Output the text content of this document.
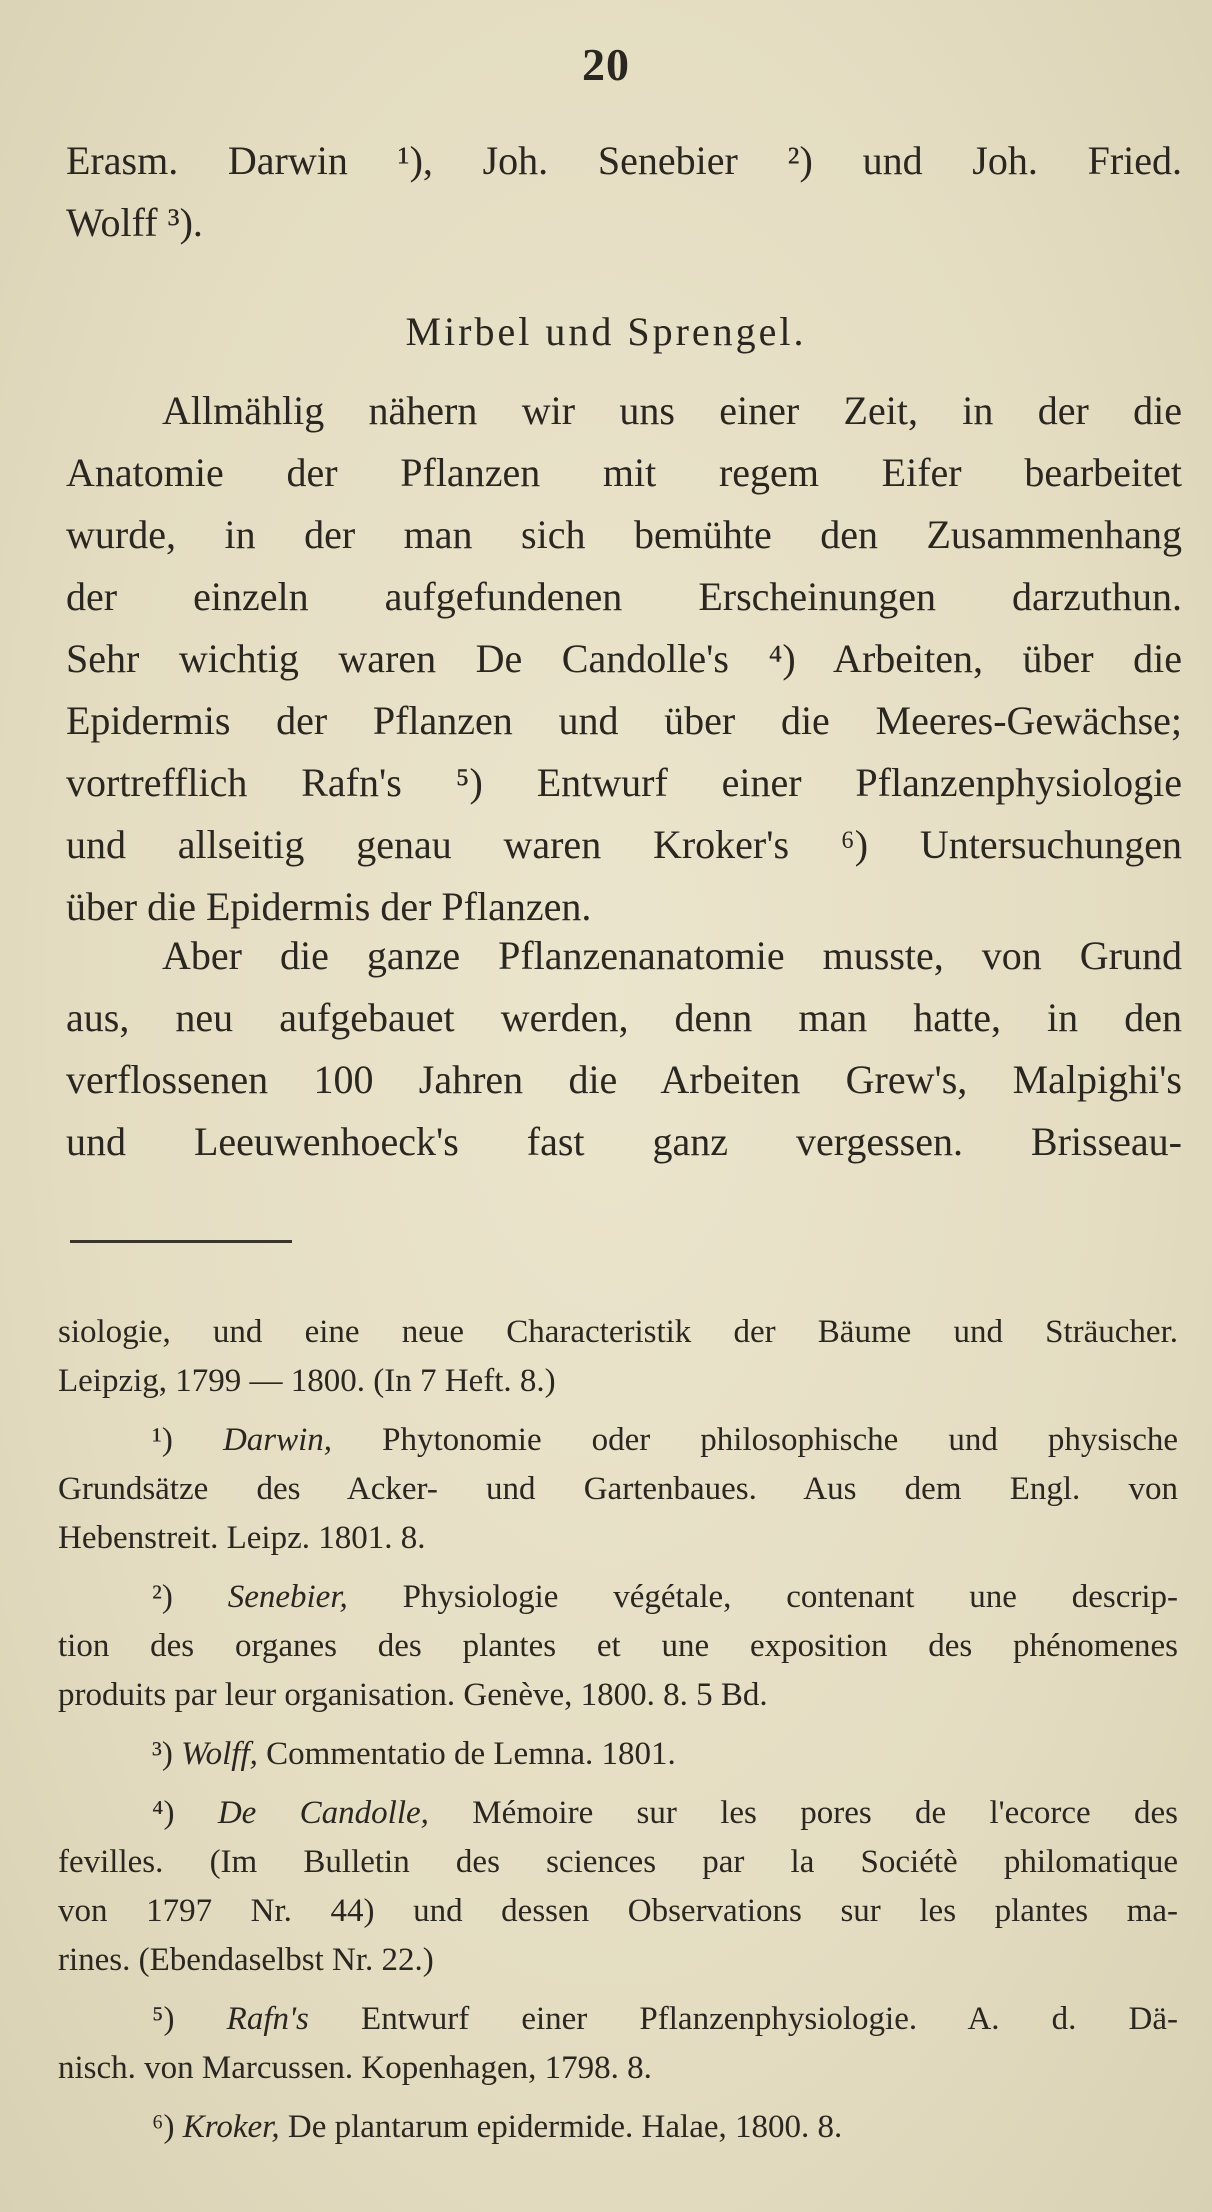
20

Erasm. Darwin ¹), Joh. Senebier ²) und Joh. Fried.

Wolff ³).

Mirbel und Sprengel.

Allmählig nähern wir uns einer Zeit, in der die

Anatomie der Pflanzen mit regem Eifer bearbeitet

wurde, in der man sich bemühte den Zusammenhang

der einzeln aufgefundenen Erscheinungen darzuthun.

Sehr wichtig waren De Candolle's ⁴) Arbeiten, über die

Epidermis der Pflanzen und über die Meeres-Gewächse;

vortrefflich Rafn's ⁵) Entwurf einer Pflanzenphysiologie

und allseitig genau waren Kroker's ⁶) Untersuchungen

über die Epidermis der Pflanzen.

Aber die ganze Pflanzenanatomie musste, von Grund

aus, neu aufgebauet werden, denn man hatte, in den

verflossenen 100 Jahren die Arbeiten Grew's, Malpighi's

und Leeuwenhoeck's fast ganz vergessen. Brisseau-

siologie, und eine neue Characteristik der Bäume und Sträucher.
Leipzig, 1799 — 1800. (In 7 Heft. 8.)

¹) Darwin, Phytonomie oder philosophische und physische
Grundsätze des Acker- und Gartenbaues. Aus dem Engl. von
Hebenstreit. Leipz. 1801. 8.

²) Senebier, Physiologie végétale, contenant une descrip-
tion des organes des plantes et une exposition des phénomenes
produits par leur organisation. Genève, 1800. 8. 5 Bd.

³) Wolff, Commentatio de Lemna. 1801.

⁴) De Candolle, Mémoire sur les pores de l'ecorce des
fevilles. (Im Bulletin des sciences par la Sociétè philomatique
von 1797 Nr. 44) und dessen Observations sur les plantes ma-
rines. (Ebendaselbst Nr. 22.)

⁵) Rafn's Entwurf einer Pflanzenphysiologie. A. d. Dä-
nisch. von Marcussen. Kopenhagen, 1798. 8.

⁶) Kroker, De plantarum epidermide. Halae, 1800. 8.
